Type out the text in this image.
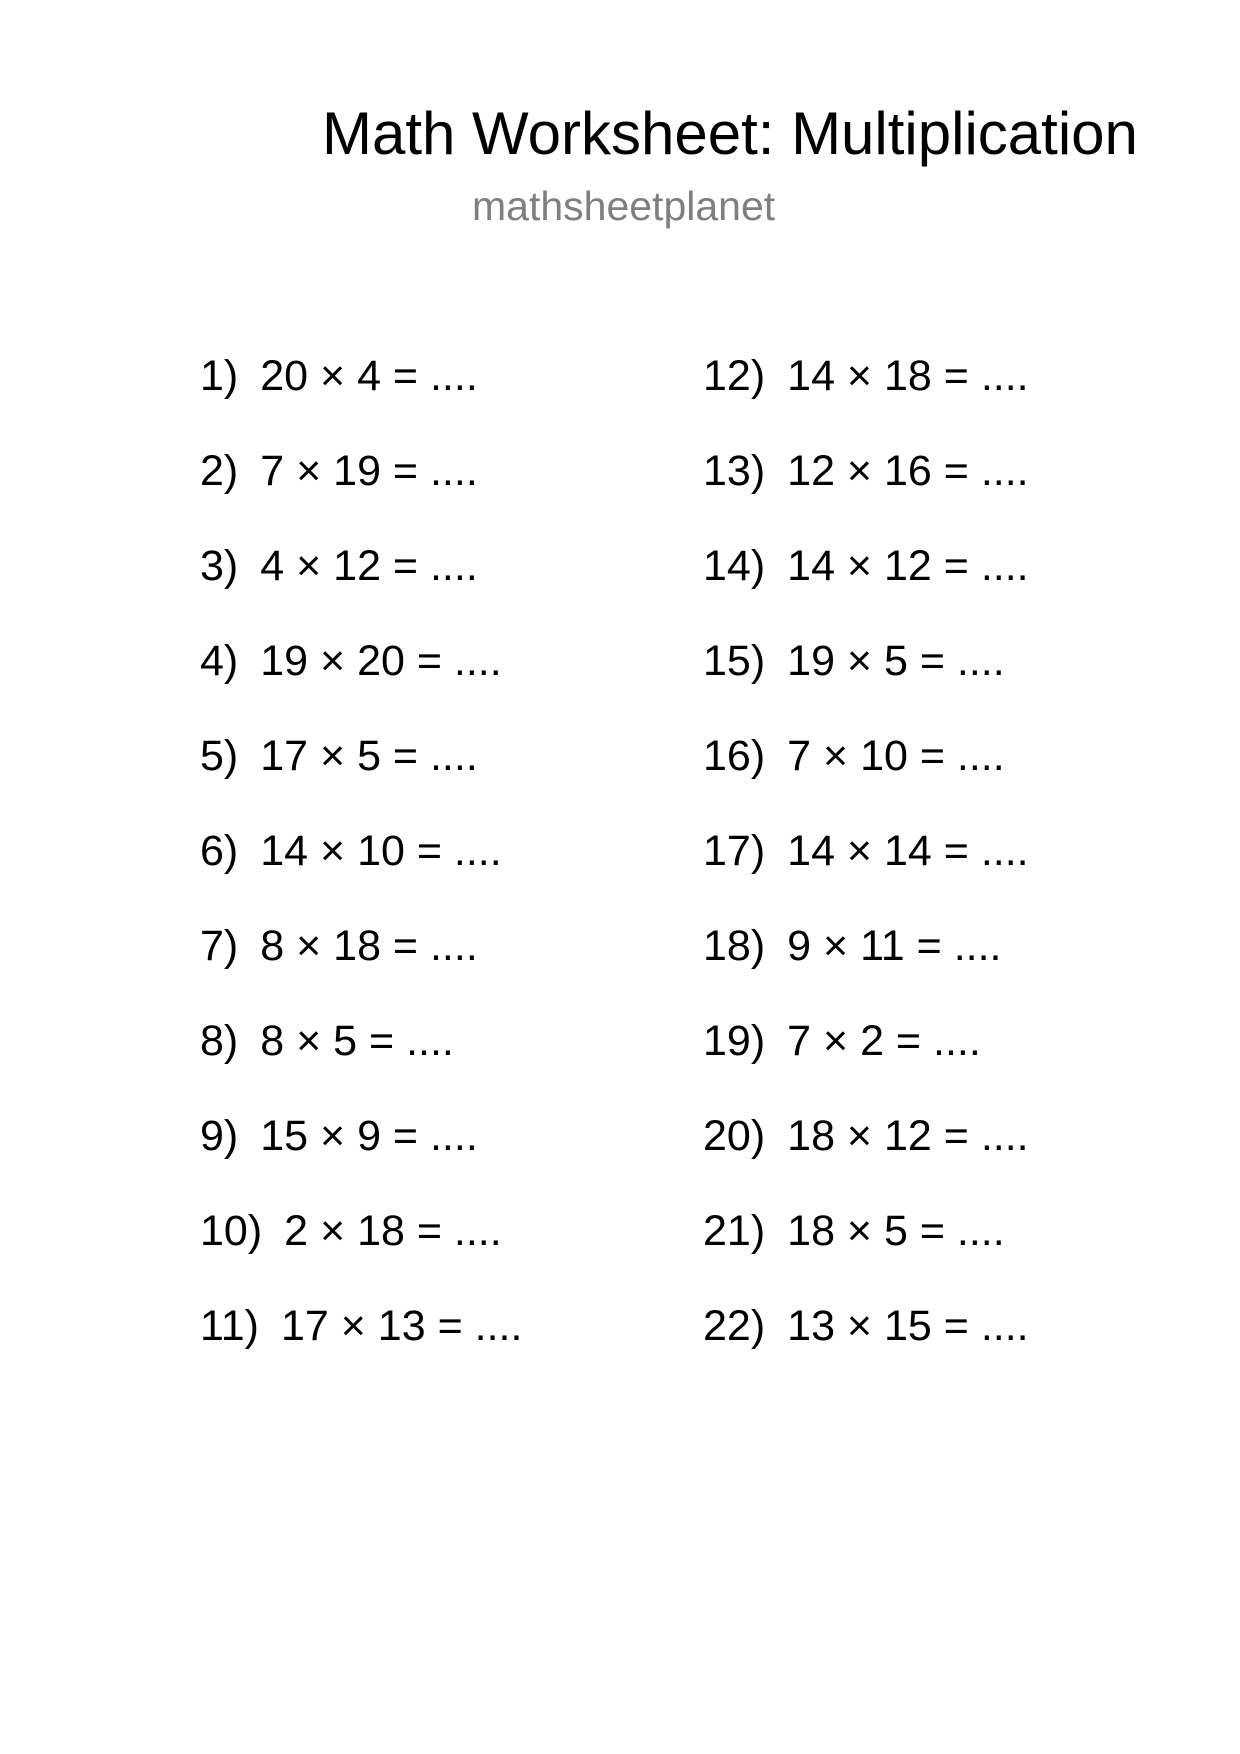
Math Worksheet: Multiplication
mathsheetplanet
1) 20 × 4 = ....
2) 7 × 19 = ....
3) 4 × 12 = ....
4) 19 × 20 = ....
5) 17 × 5 = ....
6) 14 × 10 = ....
7) 8 × 18 = ....
8) 8 × 5 = ....
9) 15 × 9 = ....
10) 2 × 18 = ....
11) 17 × 13 = ....
12) 14 × 18 = ....
13) 12 × 16 = ....
14) 14 × 12 = ....
15) 19 × 5 = ....
16) 7 × 10 = ....
17) 14 × 14 = ....
18) 9 × 11 = ....
19) 7 × 2 = ....
20) 18 × 12 = ....
21) 18 × 5 = ....
22) 13 × 15 = ....
